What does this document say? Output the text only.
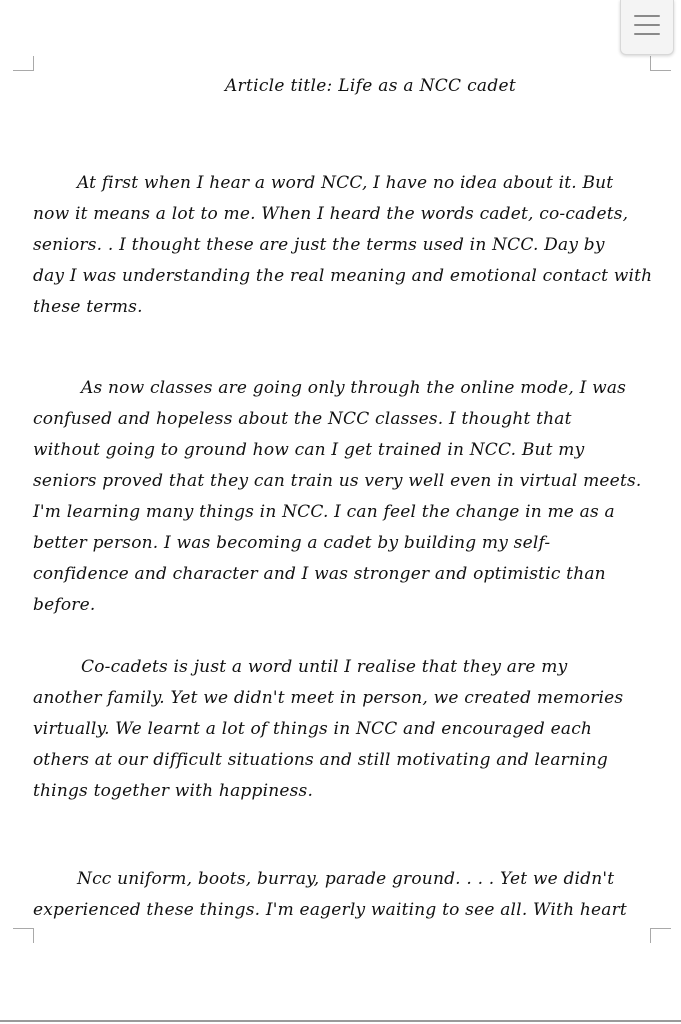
Article title: Life as a NCC cadet
At first when I hear a word NCC, I have no idea about it. But
now it means a lot to me. When I heard the words cadet, co-cadets,
seniors. . I thought these are just the terms used in NCC. Day by
day I was understanding the real meaning and emotional contact with
these terms.
As now classes are going only through the online mode, I was
confused and hopeless about the NCC classes. I thought that
without going to ground how can I get trained in NCC. But my
seniors proved that they can train us very well even in virtual meets.
I'm learning many things in NCC. I can feel the change in me as a
better person. I was becoming a cadet by building my self-
confidence and character and I was stronger and optimistic than
before.
Co-cadets is just a word until I realise that they are my
another family. Yet we didn't meet in person, we created memories
virtually. We learnt a lot of things in NCC and encouraged each
others at our difficult situations and still motivating and learning
things together with happiness.
Ncc uniform, boots, burray, parade ground. . . . Yet we didn't
experienced these things. I'm eagerly waiting to see all. With heart
